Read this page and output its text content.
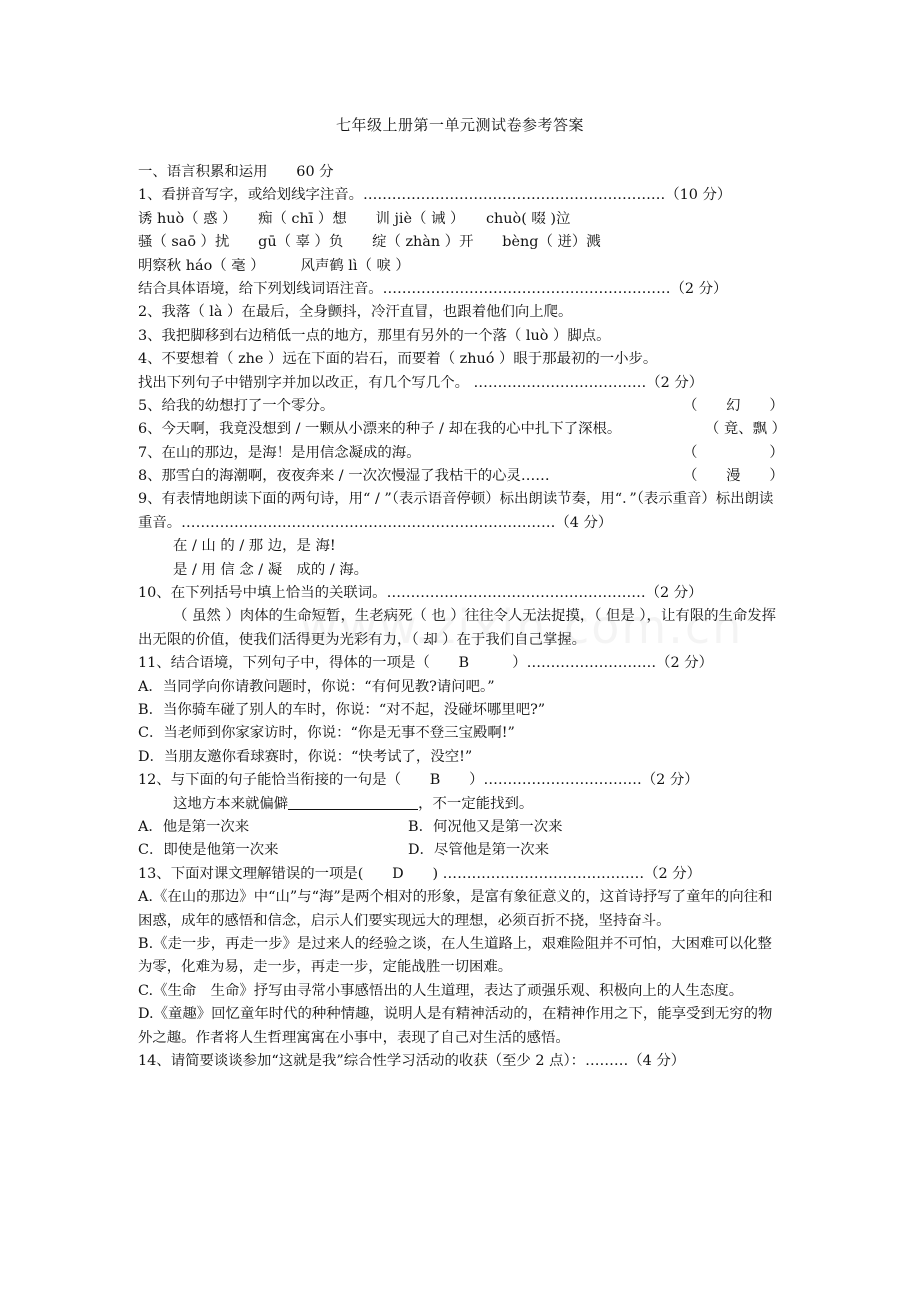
七年级上册第一单元测试卷参考答案
一、语言积累和运用　　60 分
1、看拼音写字，或给划线字注音。………………………………………………………（10 分）
诱 huò（ 惑 ）　　痴（ chī ）想　　训 jiè（ 诫 ）　　chuò( 啜 )泣
骚（ saō ）扰　　gū（ 辜 ）负　　绽（ zhàn ）开　　bèng（ 迸）溅
明察秋 háo（ 毫 ）　　　风声鹤 lì（ 唳 ）
结合具体语境，给下列划线词语注音。……………………………………………………（2 分）
2、我落（ là ）在最后，全身颤抖，冷汗直冒，也跟着他们向上爬。
3、我把脚移到右边稍低一点的地方，那里有另外的一个落（ luò ）脚点。
4、不要想着（ zhe ）远在下面的岩石，而要着（ zhuó ）眼于那最初的一小步。
找出下列句子中错别字并加以改正，有几个写几个。 ………………………………（2 分）
5、给我的幼想打了一个零分。	（　　幻　　）
6、今天啊，我竟没想到 / 一颗从小漂来的种子 / 却在我的心中扎下了深根。	（ 竟、飘 ）
7、在山的那边，是海！是用信念凝成的海。	（　　　　　）
8、那雪白的海潮啊，夜夜奔来 / 一次次慢湿了我枯干的心灵……	（　　漫　　）
9、有表情地朗读下面的两句诗，用“ / ”（表示语音停顿）标出朗读节奏，用“．”（表示重音）标出朗读重音。……………………………………………………………………（4 分）
在 / 山 的 / 那 边，是 海!
是 / 用 信 念 / 凝　成的 / 海。
10、在下列括号中填上恰当的关联词。………………………………………………（2 分）
（ 虽然 ）肉体的生命短暂，生老病死（ 也 ）往往令人无法捉摸，（ 但是 ），让有限的生命发挥出无限的价值，使我们活得更为光彩有力，（ 却 ）在于我们自己掌握。
11、结合语境，下列句子中，得体的一项是（　　B　　　）………………………（2 分）
A．当同学向你请教问题时，你说：“有何见教?请问吧。”
B．当你骑车碰了别人的车时，你说：“对不起，没碰坏哪里吧?”
C．当老师到你家家访时，你说：“你是无事不登三宝殿啊!”
D．当朋友邀你看球赛时，你说：“快考试了，没空!”
12、与下面的句子能恰当衔接的一句是（　　B　　）……………………………（2 分）
这地方本来就偏僻	，不一定能找到。
A．他是第一次来	B．何况他又是第一次来
C．即使是他第一次来	D．尽管他是第一次来
13、下面对课文理解错误的一项是(　　D　　) ……………………………………（2 分）
A.《在山的那边》中“山”与“海”是两个相对的形象，是富有象征意义的，这首诗抒写了童年的向往和困惑，成年的感悟和信念，启示人们要实现远大的理想，必须百折不挠，坚持奋斗。
B.《走一步，再走一步》是过来人的经验之谈，在人生道路上，艰难险阻并不可怕，大困难可以化整为零，化难为易，走一步，再走一步，定能战胜一切困难。
C.《生命　生命》抒写由寻常小事感悟出的人生道理，表达了顽强乐观、积极向上的人生态度。
D.《童趣》回忆童年时代的种种情趣，说明人是有精神活动的，在精神作用之下，能享受到无穷的物外之趣。作者将人生哲理寓寓在小事中，表现了自己对生活的感悟。
14、请简要谈谈参加“这就是我”综合性学习活动的收获（至少 2 点）：………（4 分）
